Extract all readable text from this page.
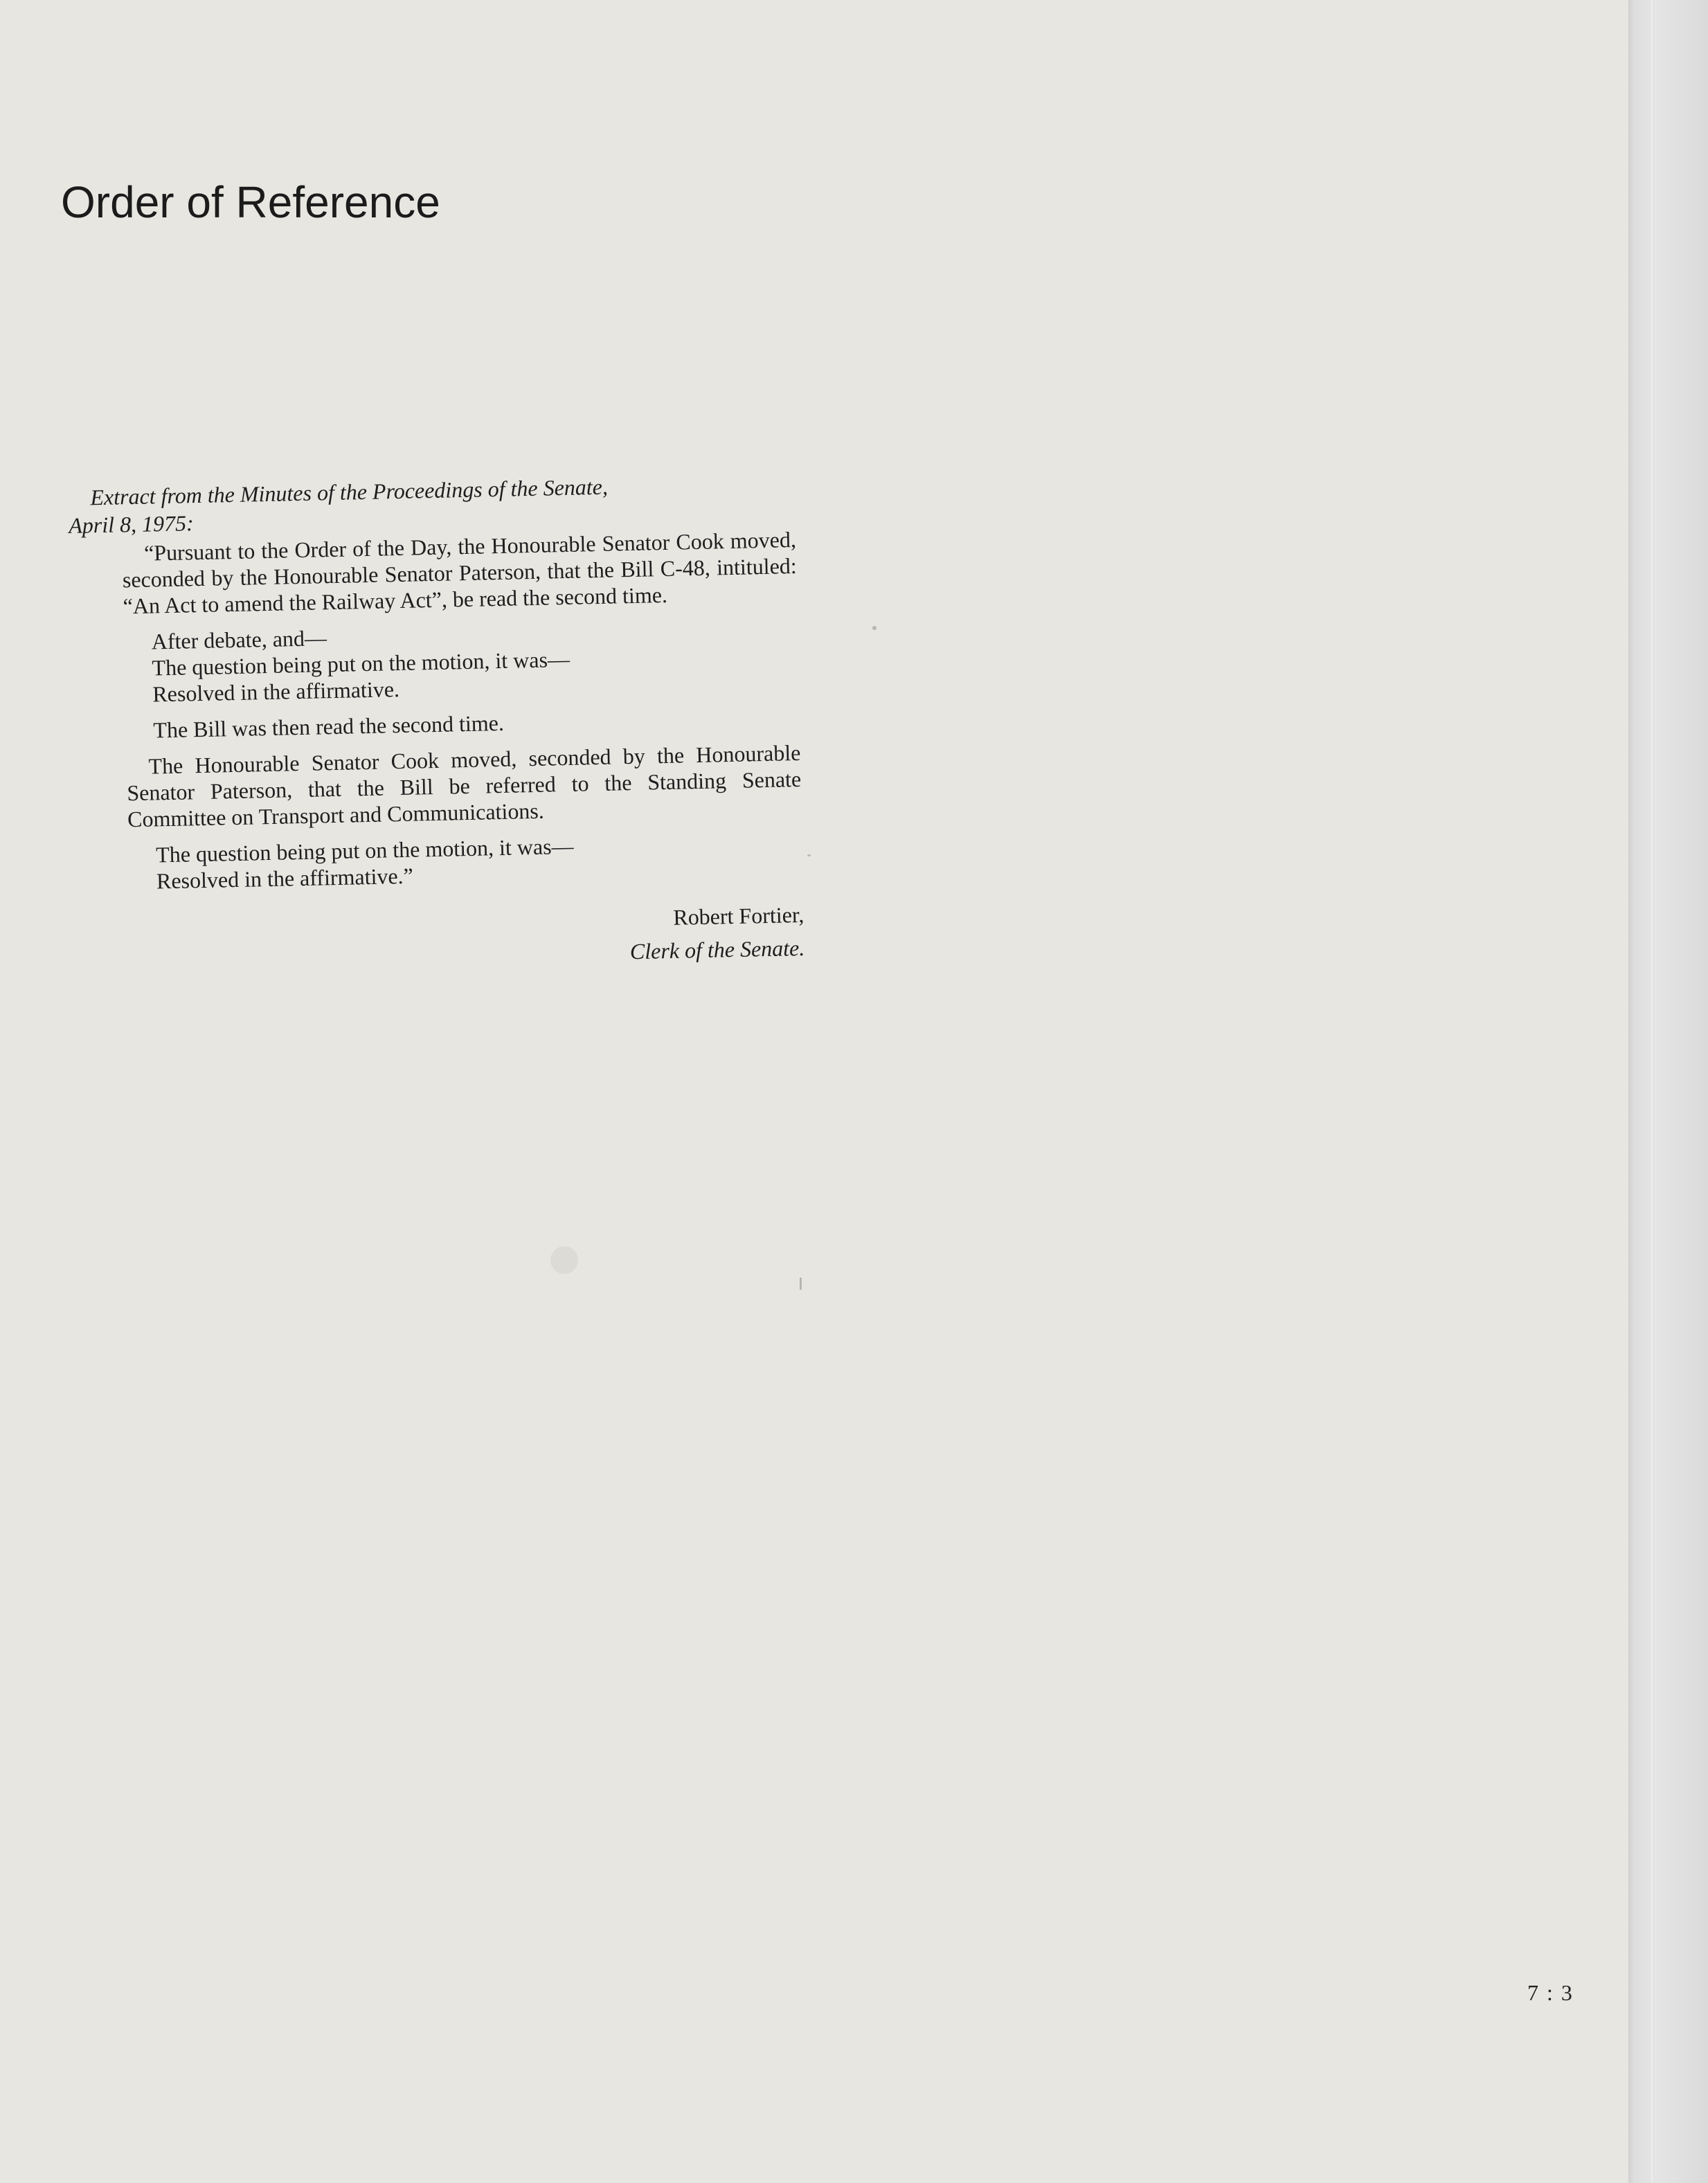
Order of Reference
Extract from the Minutes of the Proceedings of the Senate,
April 8, 1975:

“Pursuant to the Order of the Day, the Honourable Senator Cook moved, seconded by the Honourable Senator Paterson, that the Bill C-48, intituled: “An Act to amend the Railway Act”, be read the second time.

After debate, and—
The question being put on the motion, it was—
Resolved in the affirmative.
The Bill was then read the second time.

The Honourable Senator Cook moved, seconded by the Honourable Senator Paterson, that the Bill be referred to the Standing Senate Committee on Transport and Communications.

The question being put on the motion, it was—
Resolved in the affirmative.”
Robert Fortier,
Clerk of the Senate.
7 : 3
